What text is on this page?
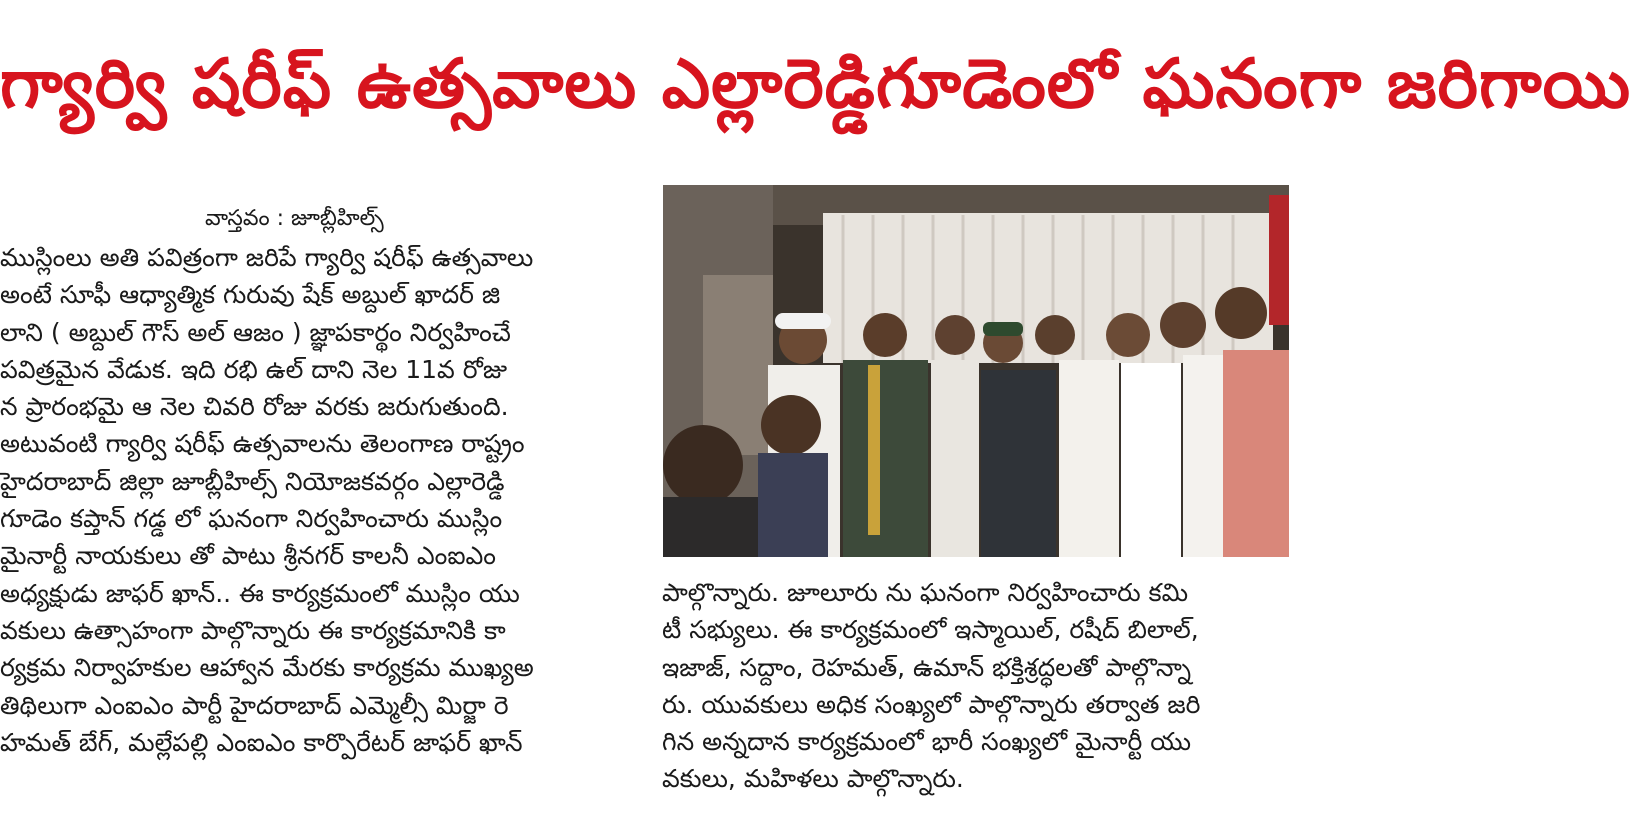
గ్యార్వి షరీఫ్ ఉత్సవాలు ఎల్లారెడ్డిగూడెంలో ఘనంగా జరిగాయి
వాస్తవం : జూబ్లీహిల్స్
ముస్లింలు అతి పవిత్రంగా జరిపే గ్యార్వి షరీఫ్ ఉత్సవాలు
అంటే సూఫీ ఆధ్యాత్మిక గురువు షేక్ అబ్దుల్ ఖాదర్ జి
లాని ( అబ్దుల్ గౌస్ అల్ ఆజం ) జ్ఞాపకార్థం నిర్వహించే
పవిత్రమైన వేడుక. ఇది రభి ఉల్ దాని నెల 11వ రోజు
న ప్రారంభమై ఆ నెల చివరి రోజు వరకు జరుగుతుంది.
అటువంటి గ్యార్వి షరీఫ్ ఉత్సవాలను తెలంగాణ రాష్ట్రం
హైదరాబాద్ జిల్లా జూబ్లీహిల్స్ నియోజకవర్గం ఎల్లారెడ్డి
గూడెం కప్తాన్ గడ్డ లో ఘనంగా నిర్వహించారు ముస్లిం
మైనార్టీ నాయకులు తో పాటు శ్రీనగర్ కాలనీ ఎంఐఎం
అధ్యక్షుడు జాఫర్ ఖాన్.. ఈ కార్యక్రమంలో ముస్లిం యు
వకులు ఉత్సాహంగా పాల్గొన్నారు ఈ కార్యక్రమానికి కా
ర్యక్రమ నిర్వాహకుల ఆహ్వాన మేరకు కార్యక్రమ ముఖ్యఅ
తిథిలుగా ఎంఐఎం పార్టీ హైదరాబాద్ ఎమ్మెల్సీ మిర్జా రె
హమత్ బేగ్, మల్లేపల్లి ఎంఐఎం కార్పొరేటర్ జాఫర్ ఖాన్
పాల్గొన్నారు. జూలూరు ను ఘనంగా నిర్వహించారు కమి
టీ సభ్యులు. ఈ కార్యక్రమంలో ఇస్మాయిల్, రషీద్ బిలాల్,
ఇజాజ్, సద్దాం, రెహమత్, ఉమాన్ భక్తిశ్రద్ధలతో పాల్గొన్నా
రు. యువకులు అధిక సంఖ్యలో పాల్గొన్నారు తర్వాత జరి
గిన అన్నదాన కార్యక్రమంలో భారీ సంఖ్యలో మైనార్టీ యు
వకులు, మహిళలు పాల్గొన్నారు.
